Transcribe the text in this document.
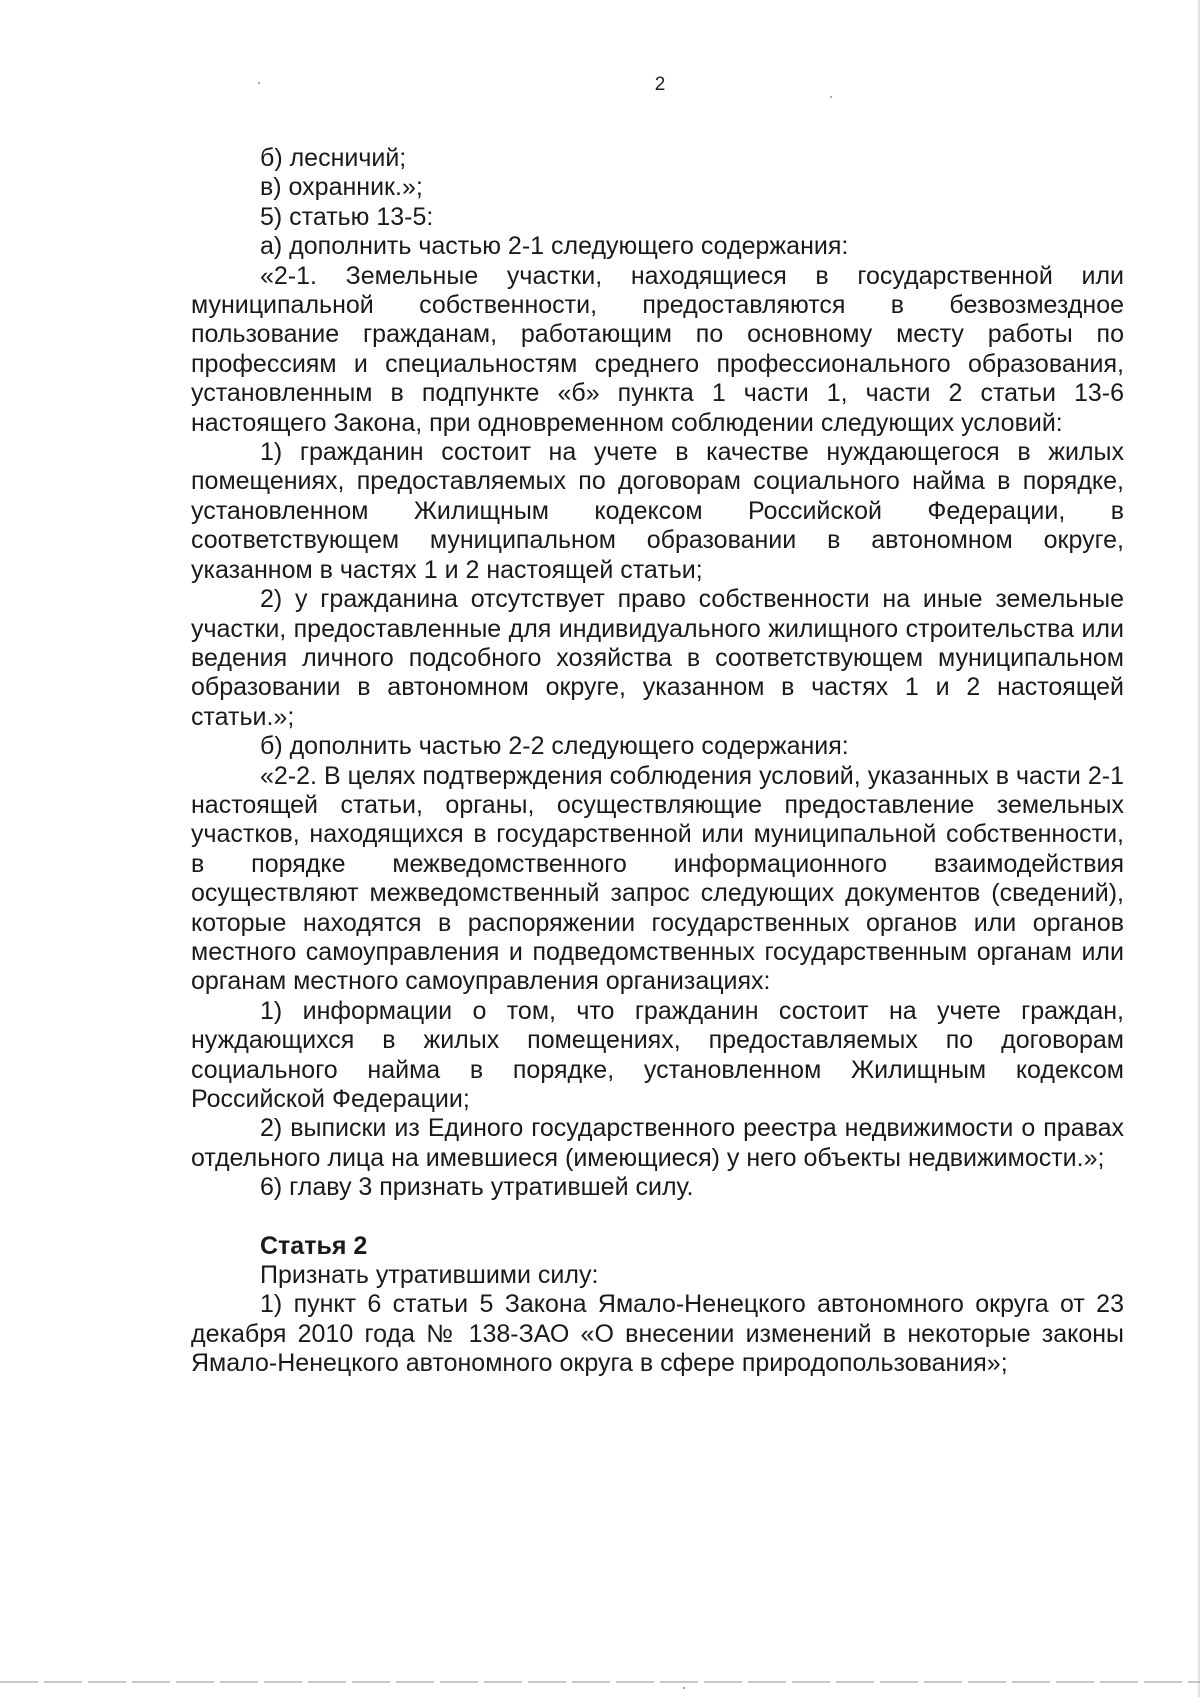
2

б) лесничий;

в) охранник.»;

5) статью 13-5:

а) дополнить частью 2-1 следующего содержания:

«2-1. Земельные участки, находящиеся в государственной или муниципальной собственности, предоставляются в безвозмездное пользование гражданам, работающим по основному месту работы по профессиям и специальностям среднего профессионального образования, установленным в подпункте «б» пункта 1 части 1, части 2 статьи 13-6 настоящего Закона, при одновременном соблюдении следующих условий:

1) гражданин состоит на учете в качестве нуждающегося в жилых помещениях, предоставляемых по договорам социального найма в порядке, установленном Жилищным кодексом Российской Федерации, в соответствующем муниципальном образовании в автономном округе, указанном в частях 1 и 2 настоящей статьи;

2) у гражданина отсутствует право собственности на иные земельные участки, предоставленные для индивидуального жилищного строительства или ведения личного подсобного хозяйства в соответствующем муниципальном образовании в автономном округе, указанном в частях 1 и 2 настоящей статьи.»;

б) дополнить частью 2-2 следующего содержания:

«2-2. В целях подтверждения соблюдения условий, указанных в части 2-1 настоящей статьи, органы, осуществляющие предоставление земельных участков, находящихся в государственной или муниципальной собственности, в порядке межведомственного информационного взаимодействия осуществляют межведомственный запрос следующих документов (сведений), которые находятся в распоряжении государственных органов или органов местного самоуправления и подведомственных государственным органам или органам местного самоуправления организациях:

1) информации о том, что гражданин состоит на учете граждан, нуждающихся в жилых помещениях, предоставляемых по договорам социального найма в порядке, установленном Жилищным кодексом Российской Федерации;

2) выписки из Единого государственного реестра недвижимости о правах отдельного лица на имевшиеся (имеющиеся) у него объекты недвижимости.»;

6) главу 3 признать утратившей силу.

Статья 2

Признать утратившими силу:

1) пункт 6 статьи 5 Закона Ямало-Ненецкого автономного округа от 23 декабря 2010 года № 138-ЗАО «О внесении изменений в некоторые законы Ямало-Ненецкого автономного округа в сфере природопользования»;
